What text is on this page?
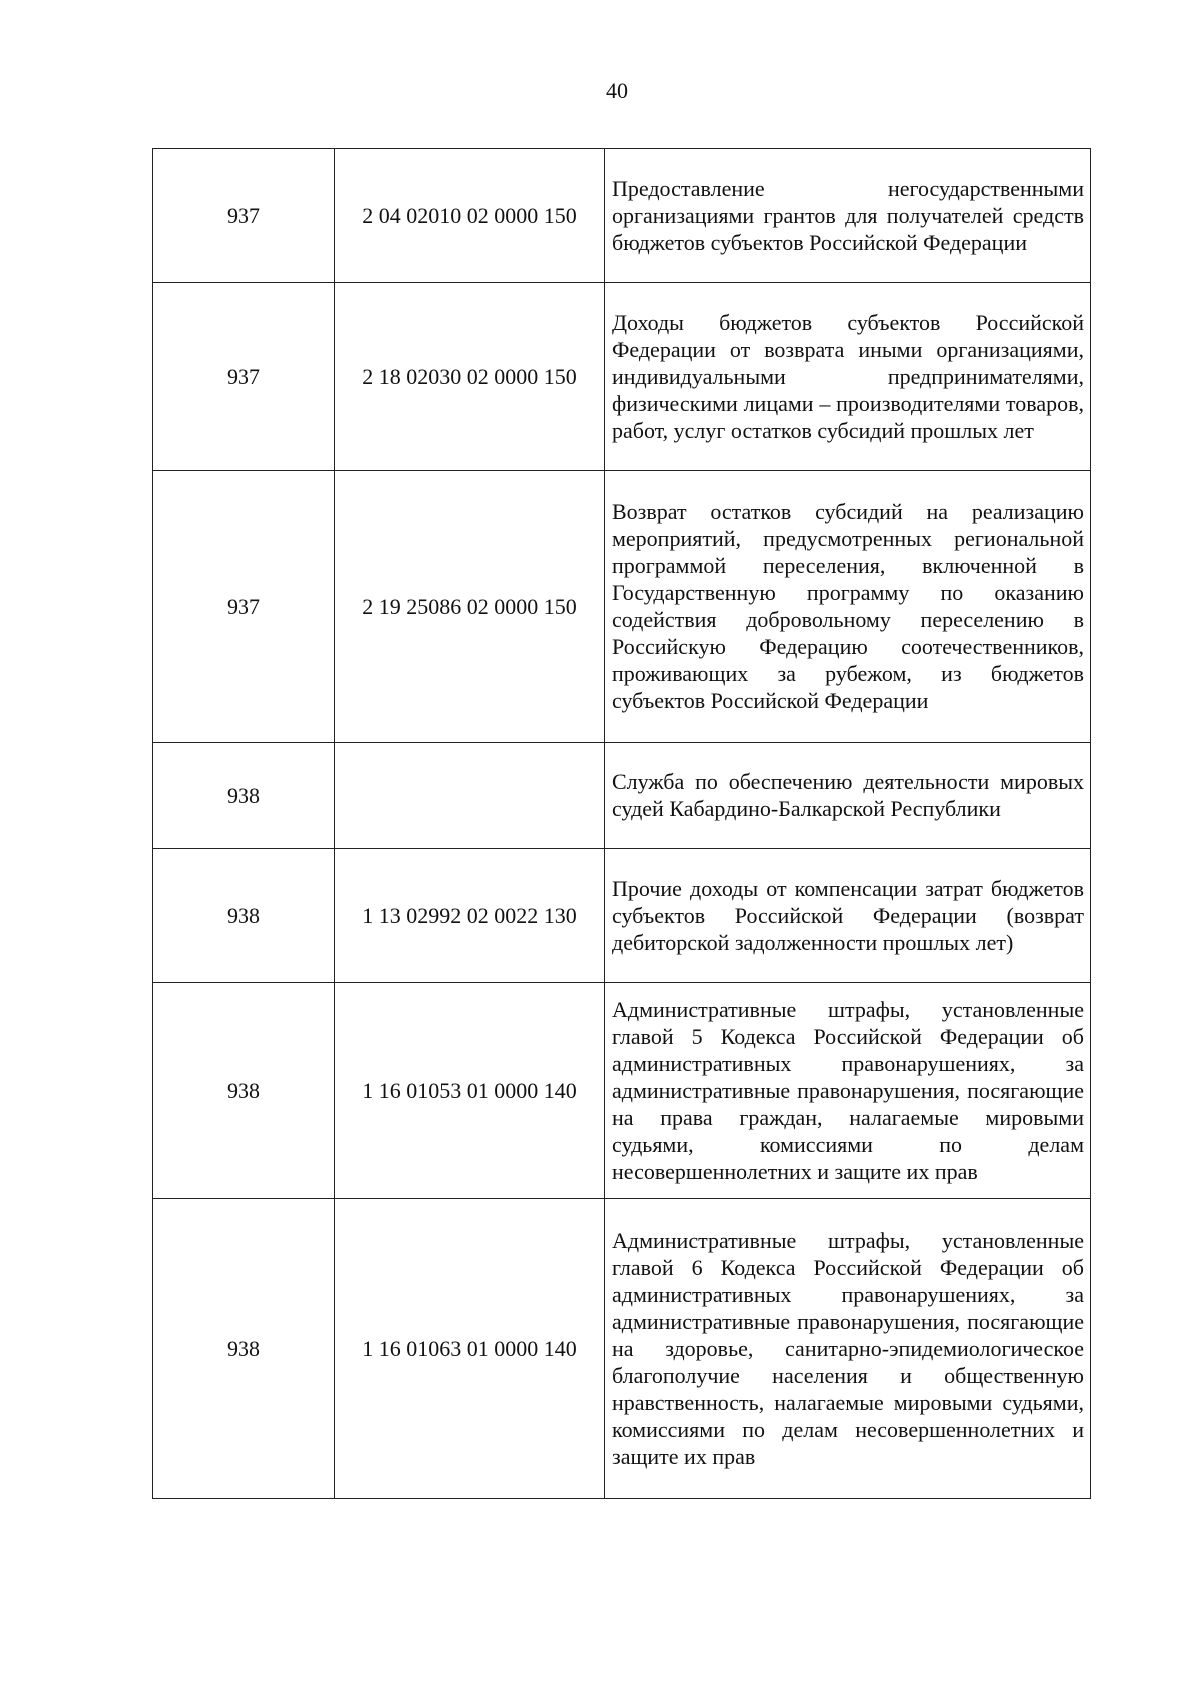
40
937	2 04 02010 02 0000 150	Предоставление негосударственными организациями грантов для получателей средств бюджетов субъектов Российской Федерации
937	2 18 02030 02 0000 150	Доходы бюджетов субъектов Российской Федерации от возврата иными организациями, индивидуальными предпринимателями, физическими лицами – производителями товаров, работ, услуг остатков субсидий прошлых лет
937	2 19 25086 02 0000 150	Возврат остатков субсидий на реализацию мероприятий, предусмотренных региональной программой переселения, включенной в Государственную программу по оказанию содействия добровольному переселению в Российскую Федерацию соотечественников, проживающих за рубежом, из бюджетов субъектов Российской Федерации
938		Служба по обеспечению деятельности мировых судей Кабардино-Балкарской Республики
938	1 13 02992 02 0022 130	Прочие доходы от компенсации затрат бюджетов субъектов Российской Федерации (возврат дебиторской задолженности прошлых лет)
938	1 16 01053 01 0000 140	Административные штрафы, установленные главой 5 Кодекса Российской Федерации об административных правонарушениях, за административные правонарушения, посягающие на права граждан, налагаемые мировыми судьями, комиссиями по делам несовершеннолетних и защите их прав
938	1 16 01063 01 0000 140	Административные штрафы, установленные главой 6 Кодекса Российской Федерации об административных правонарушениях, за административные правонарушения, посягающие на здоровье, санитарно-эпидемиологическое благополучие населения и общественную нравственность, налагаемые мировыми судьями, комиссиями по делам несовершеннолетних и защите их прав
